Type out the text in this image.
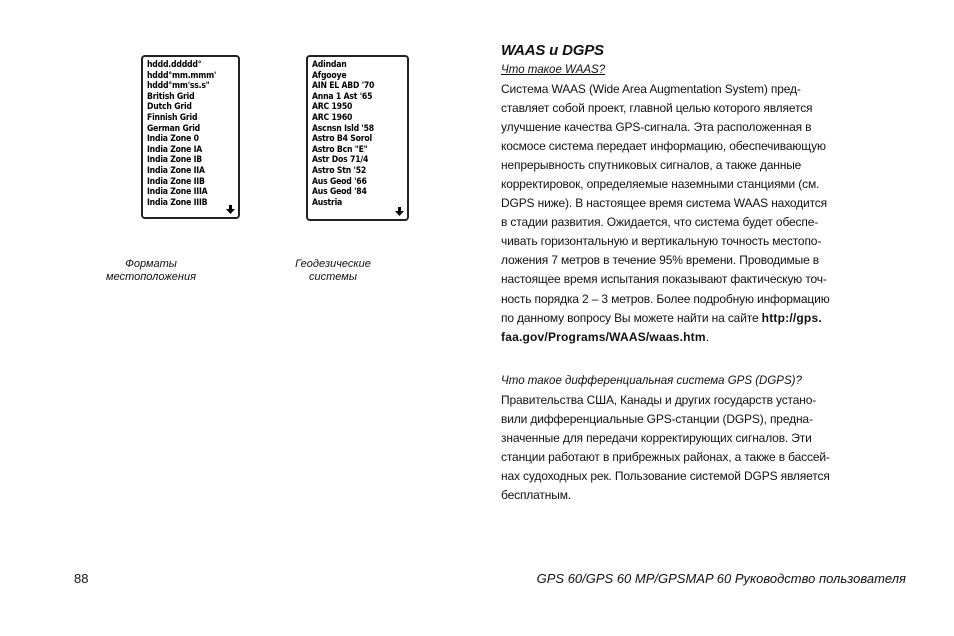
hddd.ddddd°
hddd°mm.mmm'
hddd°mm'ss.s"
British Grid
Dutch Grid
Finnish Grid
German Grid
India Zone 0
India Zone IA
India Zone IB
India Zone IIA
India Zone IIB
India Zone IIIA
India Zone IIIB
Форматы
местоположения
Adindan
Afgooye
AIN EL ABD '70
Anna 1 Ast '65
ARC 1950
ARC 1960
Ascnsn Isld '58
Astro B4 Sorol
Astro Bcn "E"
Astr Dos 71/4
Astro Stn '52
Aus Geod '66
Aus Geod '84
Austria
Геодезические
системы
WAAS и DGPS
Что такое WAAS?
Система WAAS (Wide Area Augmentation System) пред-
ставляет собой проект, главной целью которого является
улучшение качества GPS-сигнала. Эта расположенная в
космосе система передает информацию, обеспечивающую
непрерывность спутниковых сигналов, а также данные
корректировок, определяемые наземными станциями (см.
DGPS ниже). В настоящее время система WAAS находится
в стадии развития. Ожидается, что система будет обеспе-
чивать горизонтальную и вертикальную точность местопо-
ложения 7 метров в течение 95% времени. Проводимые в
настоящее время испытания показывают фактическую точ-
ность порядка 2 – 3 метров. Более подробную информацию
по данному вопросу Вы можете найти на сайте http://gps.
faa.gov/Programs/WAAS/waas.htm.
Что такое дифференциальная система GPS (DGPS)?
Правительства США, Канады и других государств устано-
вили дифференциальные GPS-станции (DGPS), предна-
значенные для передачи корректирующих сигналов. Эти
станции работают в прибрежных районах, а также в бассей-
нах судоходных рек. Пользование системой DGPS является
бесплатным.
88	GPS 60/GPS 60 MP/GPSMAP 60 Руководство пользователя
